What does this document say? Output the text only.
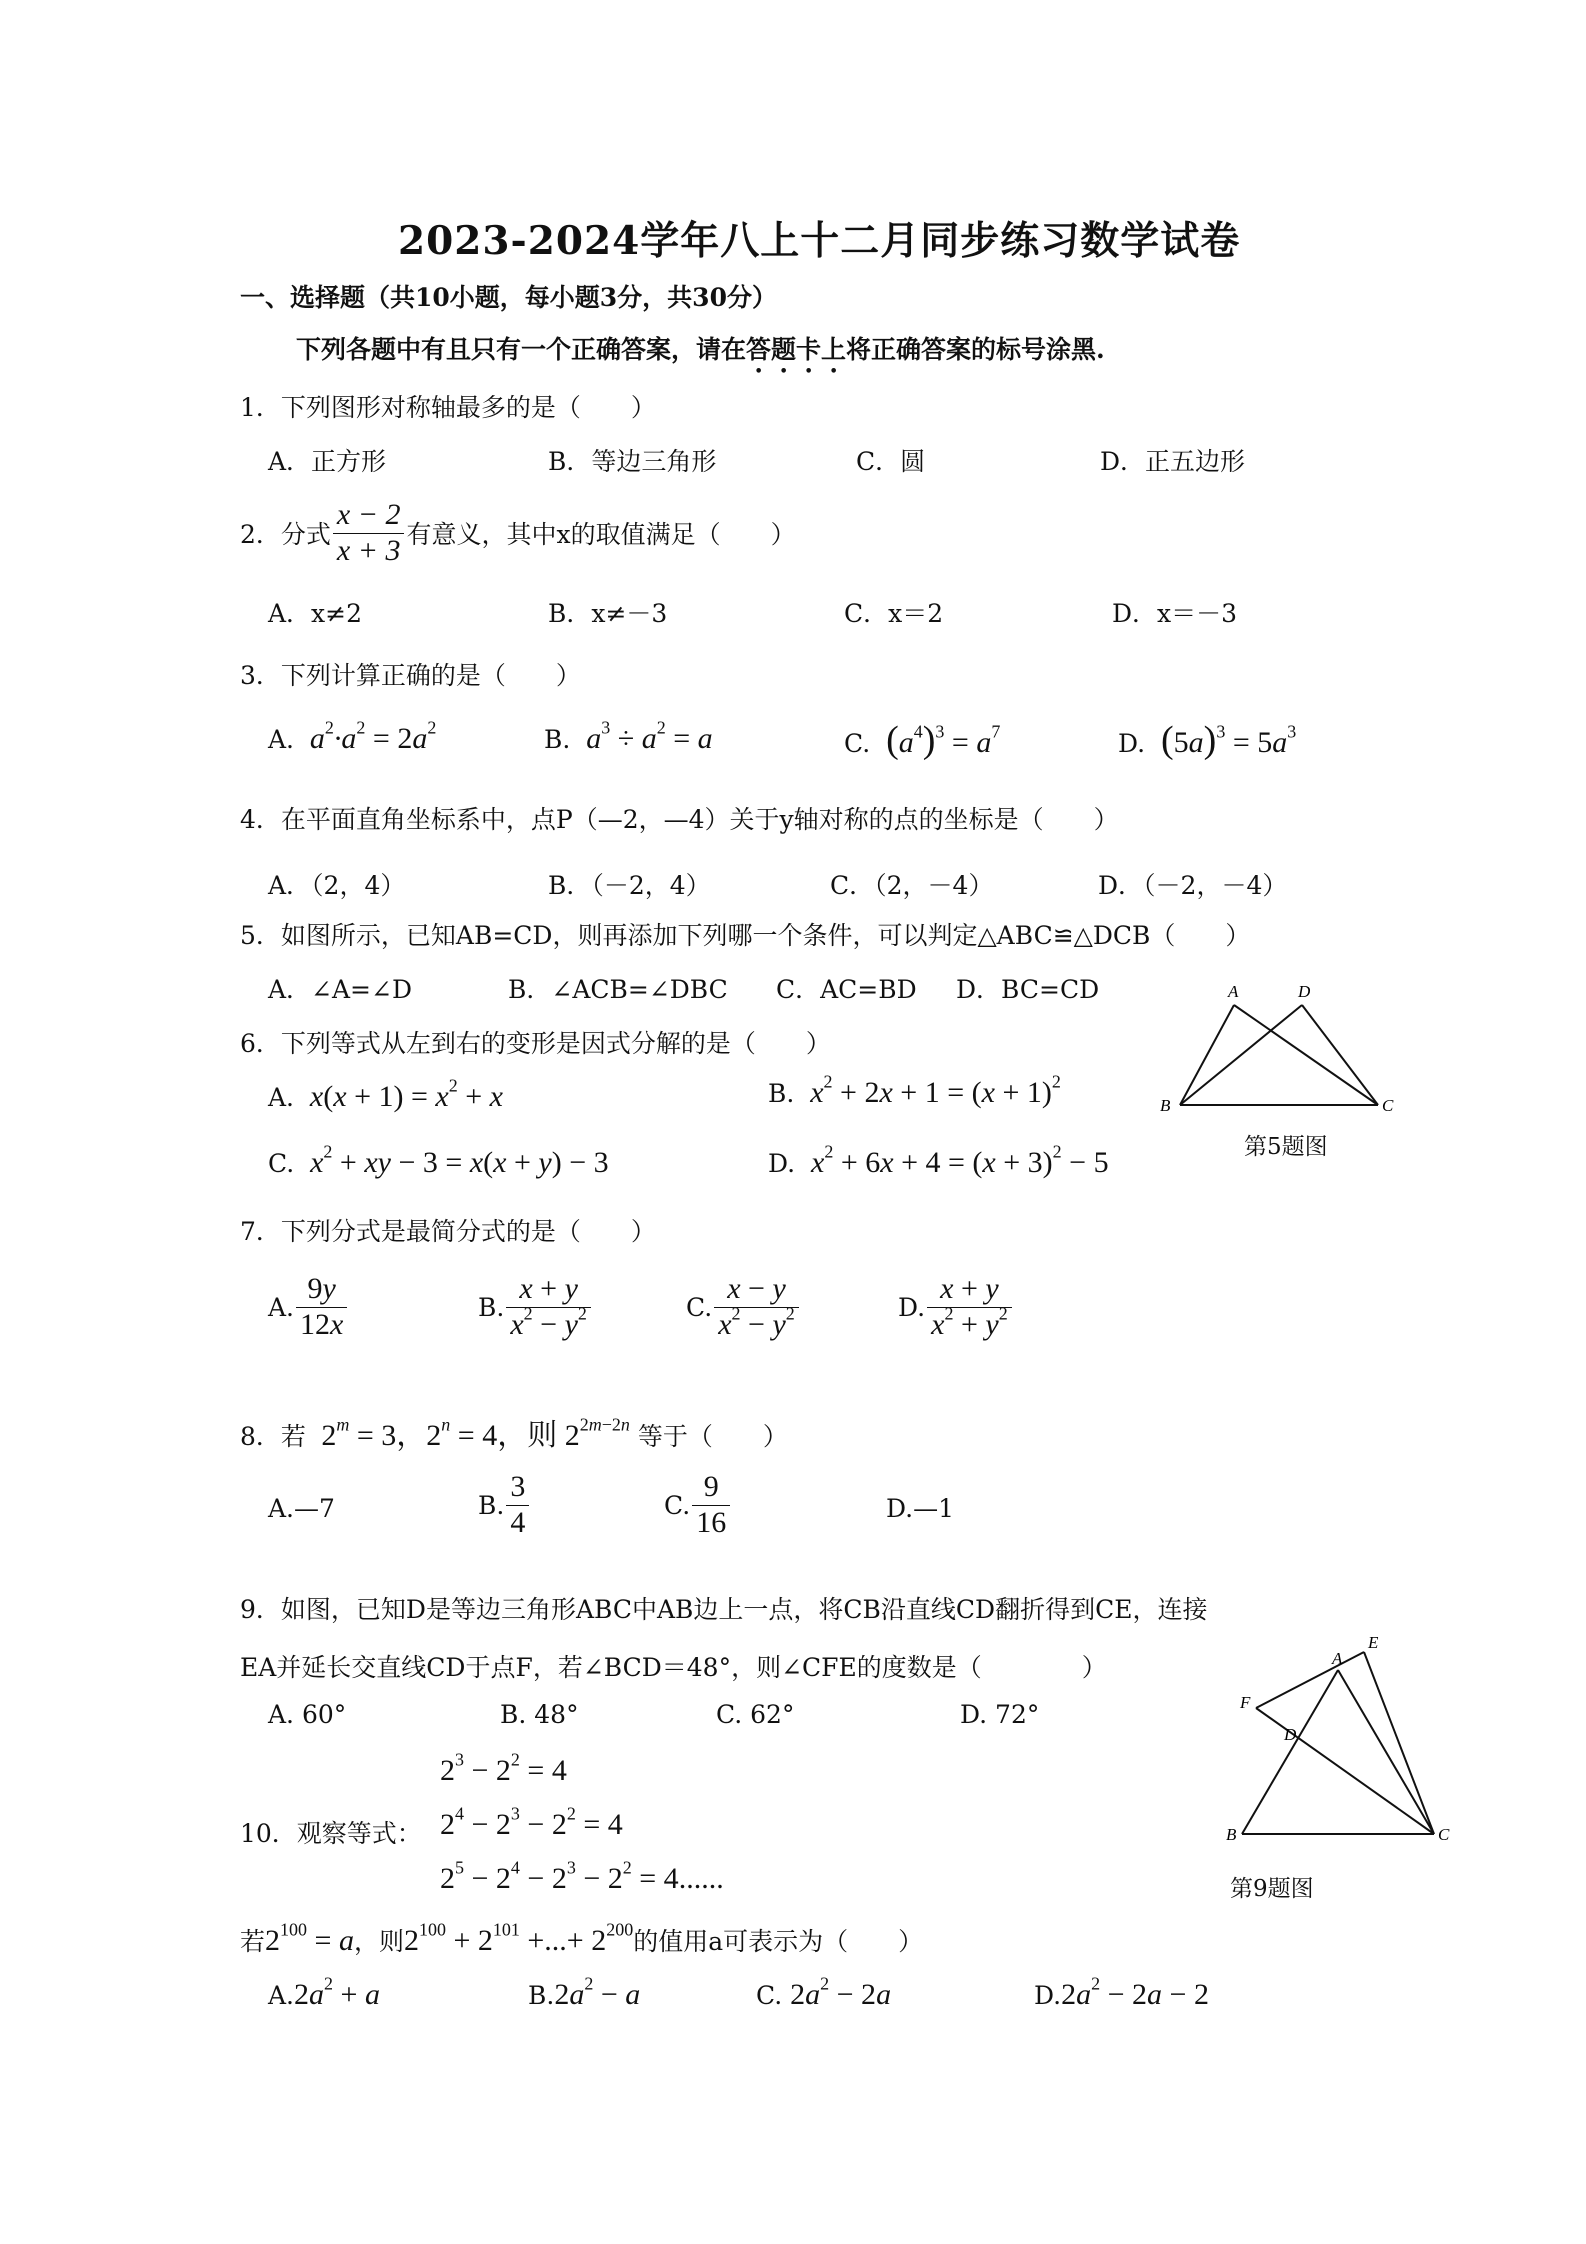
2023-2024学年八上十二月同步练习数学试卷
一、选择题（共10小题，每小题3分，共30分）
下列各题中有且只有一个正确答案，请在答题卡上将正确答案的标号涂黑.
1．下列图形对称轴最多的是（　　）
A．正方形	B．等边三角形	C．圆	D．正五边形
2．分式 $\frac{x - 2}{x + 3}$ 有意义，其中x的取值满足（　　）
A．x≠2	B．x≠－3	C．x＝2	D．x＝－3
3．下列计算正确的是（　　）
A.  $a^2\cdot a^2 = 2a^2$	B.  $a^3 \div a^2 = a$	C.  $(a^4)^3 = a^7$	D.  $(5a)^3 = 5a^3$
4．在平面直角坐标系中，点P（—2，—4）关于y轴对称的点的坐标是（　　）
A．（2，4）	B．（－2，4）	C．（2，－4）	D．（－2，－4）
5．如图所示，已知AB=CD，则再添加下列哪一个条件，可以判定△ABC≌△DCB（　　）
A．∠A=∠D	B．∠ACB=∠DBC C．AC=BD D．BC=CD	A	D
B	C
第5题图
6．下列等式从左到右的变形是因式分解的是（　　）
A.  $x(x + 1) = x^2 + x$	B.  $x^2 + 2x + 1 = (x + 1)^2$
C.  $x^2$ + xy − 3 = x(x + y) − 3	D.  $x^2 + 6x + 4 = (x + 3)^2 - 5$
7．下列分式是最简分式的是（　　）
A. $\frac{9y}{12x}$	B. $\frac{x + y}{x^2 - y^2}$	C. $\frac{x - y}{x^2 - y^2}$	D. $\frac{x + y}{x^2 + y^2}$
8．若 $2^m = 3$，$2^n = 4$，则 $2^{2m-2n}$ 等于（　　）
A.—7	B. $\frac{3}{4}$	C. $\frac{9}{16}$	D.—1
9．如图，已知D是等边三角形ABC中AB边上一点，将CB沿直线CD翻折得到CE，连接
EA并延长交直线CD于点F，若∠BCD＝48°，则∠CFE的度数是（　　　　）
A. 60°	B. 48°	C. 62°	D. 72°
E
A
F
D
B	C
第9题图
$2^3 - 2^2 = 4$
10．观察等式： $2^4 - 2^3 - 2^2 = 4$
$2^5 - 2^4 - 2^3 - 2^2 = 4$......
若$2^{100} = a$，则$2^{100} + 2^{101}$ +...+ $2^{200}$的值用a可表示为（　　）
$A.2a^2 + a$	$B.2a^2 - a$	C. $2a^2 - 2a$	$D.2a^2 - 2a - 2$
